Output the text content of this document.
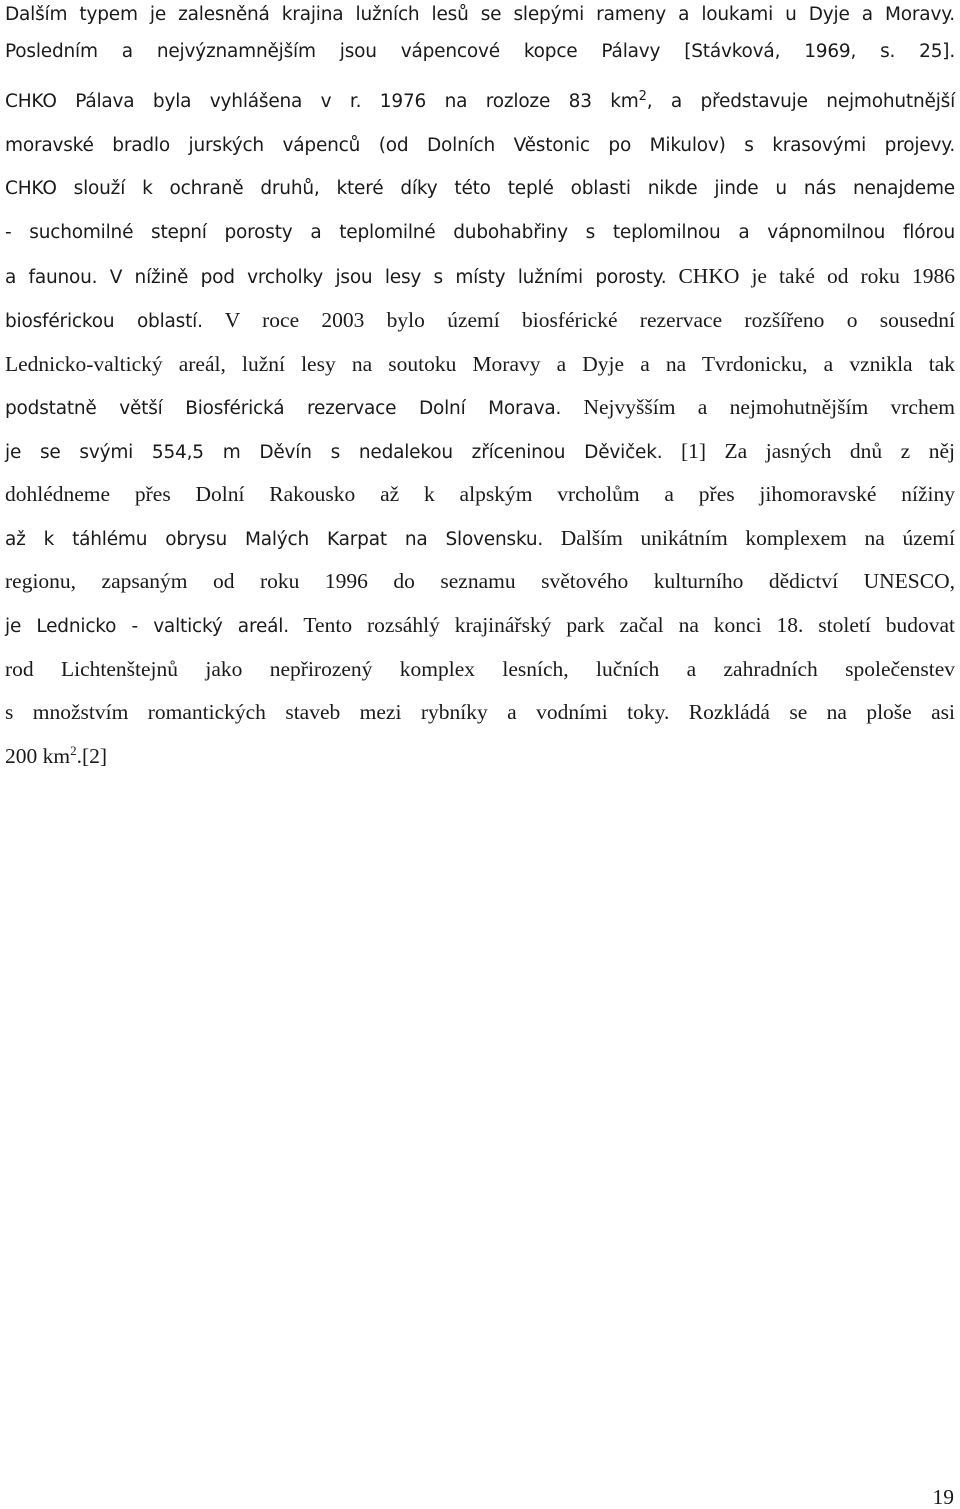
Dalším typem je zalesněná krajina lužních lesů se slepými rameny a loukami u Dyje a Moravy.
Posledním a nejvýznamnějším jsou vápencové kopce Pálavy [Stávková, 1969, s. 25].
CHKO Pálava byla vyhlášena v r. 1976 na rozloze 83 $km^2$, a představuje nejmohutnější
moravské bradlo jurských vápenců (od Dolních Věstonic po Mikulov) s krasovými projevy.
CHKO slouží k ochraně druhů, které díky této teplé oblasti nikde jinde u nás nenajdeme
- suchomilné stepní porosty a teplomilné dubohabřiny s teplomilnou a vápnomilnou flórou
a faunou. V nížině pod vrcholky jsou lesy s místy lužními porosty. CHKO je také od roku 1986
biosférickou oblastí. V roce 2003 bylo území biosférické rezervace rozšířeno o sousední
Lednicko-valtický areál, lužní lesy na soutoku Moravy a Dyje a na Tvrdonicku, a vznikla tak
podstatně větší Biosférická rezervace Dolní Morava. Nejvyšším a nejmohutnějším vrchem
je se svými 554,5 m Děvín s nedalekou zříceninou Děviček. [1] Za jasných dnů z něj
dohlédneme přes Dolní Rakousko až k alpským vrcholům a přes jihomoravské nížiny
až k táhlému obrysu Malých Karpat na Slovensku. Dalším unikátním komplexem na území
regionu, zapsaným od roku 1996 do seznamu světového kulturního dědictví UNESCO,
je Lednicko - valtický areál. Tento rozsáhlý krajinářský park začal na konci 18. století budovat
rod Lichtenštejnů jako nepřirozený komplex lesních, lučních a zahradních společenstev
s množstvím romantických staveb mezi rybníky a vodními toky. Rozkládá se na ploše asi
200 $km^2.[2]$
19
